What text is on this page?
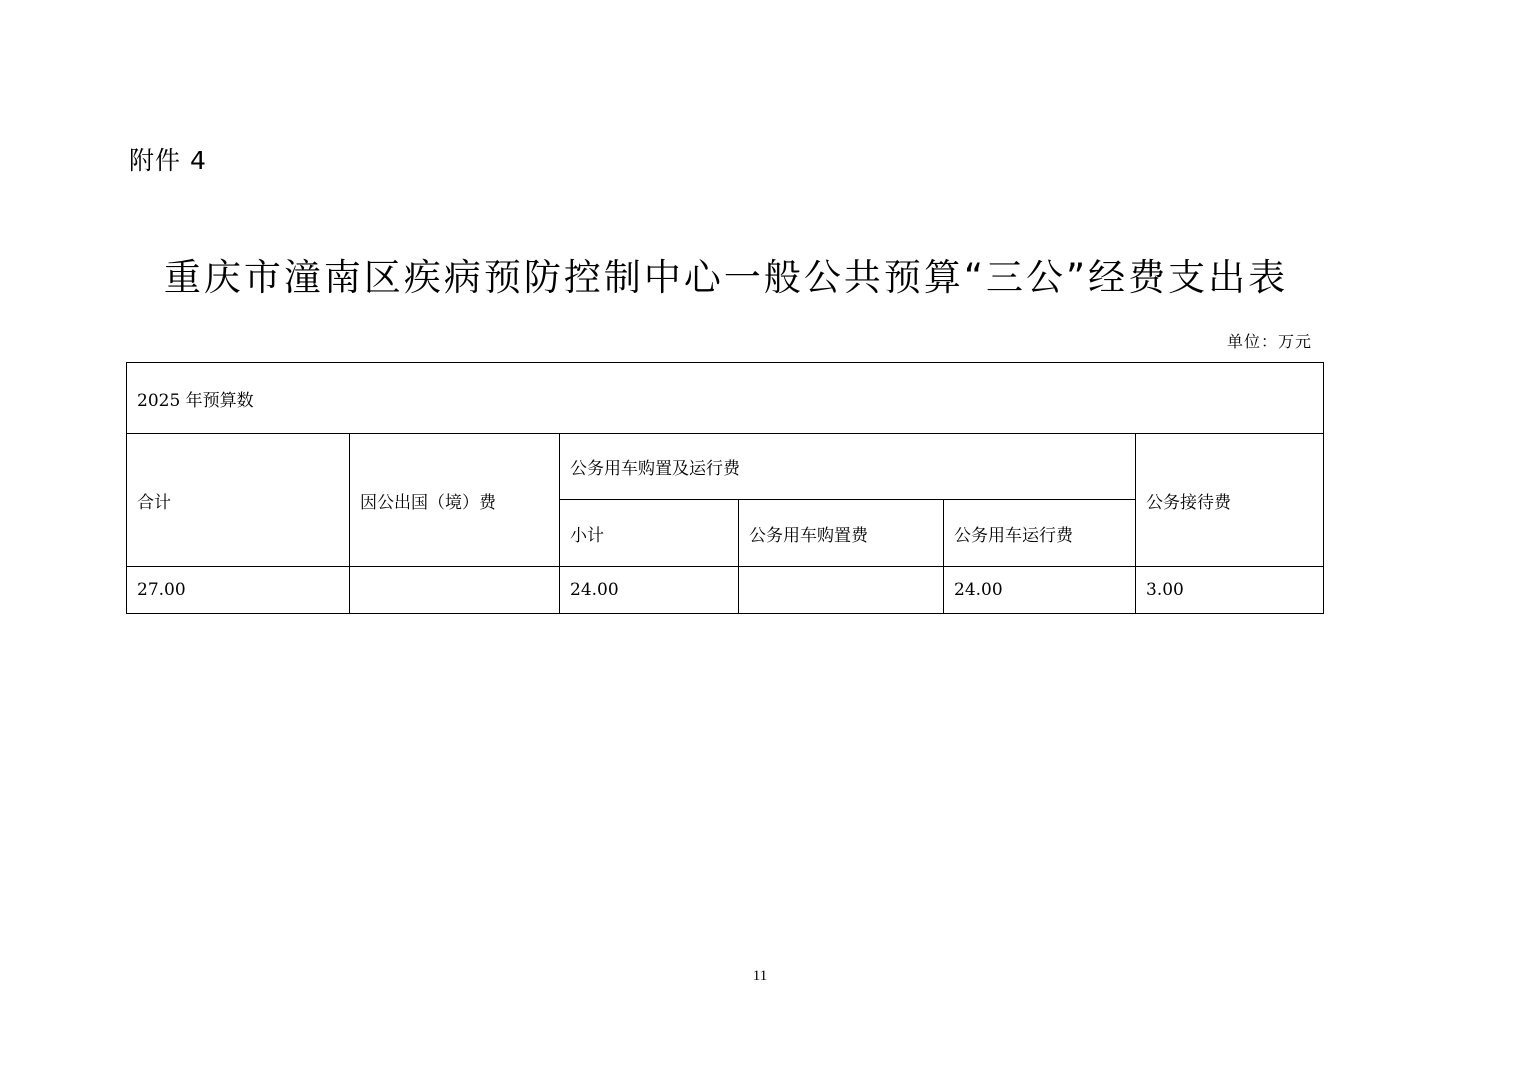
附件 4
重庆市潼南区疾病预防控制中心一般公共预算“三公”经费支出表
单位：万元
2025 年预算数					
合计	因公出国（境）费	公务用车购置及运行费			公务接待费
		小计	公务用车购置费	公务用车运行费	
27.00		24.00		24.00	3.00
11
